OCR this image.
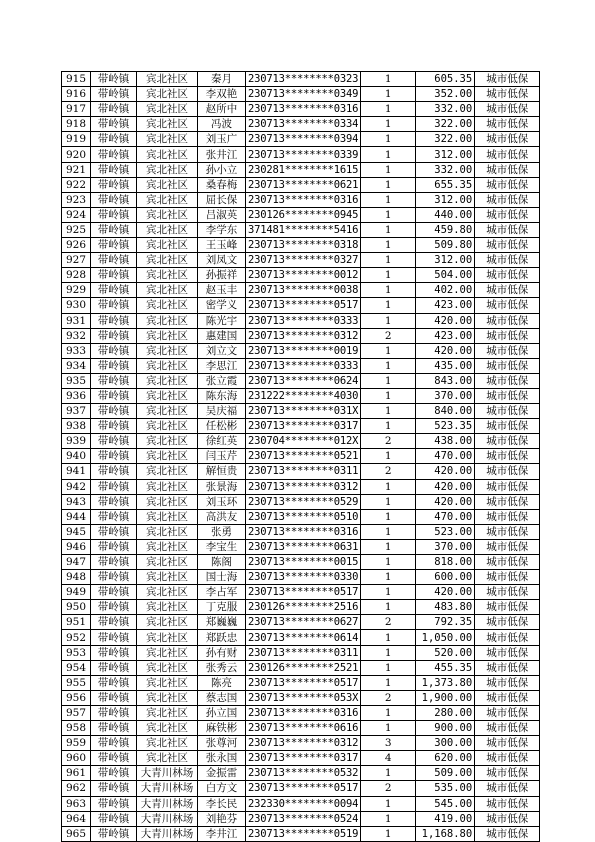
915	带岭镇	宾北社区	秦月	230713********0323	1	605.35	城市低保
916	带岭镇	宾北社区	李双艳	230713********0349	1	352.00	城市低保
917	带岭镇	宾北社区	赵所中	230713********0316	1	332.00	城市低保
918	带岭镇	宾北社区	冯波	230713********0334	1	322.00	城市低保
919	带岭镇	宾北社区	刘玉广	230713********0394	1	322.00	城市低保
920	带岭镇	宾北社区	张井江	230713********0339	1	312.00	城市低保
921	带岭镇	宾北社区	孙小立	230281********1615	1	332.00	城市低保
922	带岭镇	宾北社区	桑春梅	230713********0621	1	655.35	城市低保
923	带岭镇	宾北社区	屈长保	230713********0316	1	312.00	城市低保
924	带岭镇	宾北社区	吕淑英	230126********0945	1	440.00	城市低保
925	带岭镇	宾北社区	李学东	371481********5416	1	459.80	城市低保
926	带岭镇	宾北社区	王玉峰	230713********0318	1	509.80	城市低保
927	带岭镇	宾北社区	刘凤文	230713********0327	1	312.00	城市低保
928	带岭镇	宾北社区	孙振祥	230713********0012	1	504.00	城市低保
929	带岭镇	宾北社区	赵玉丰	230713********0038	1	402.00	城市低保
930	带岭镇	宾北社区	密学义	230713********0517	1	423.00	城市低保
931	带岭镇	宾北社区	陈光宇	230713********0333	1	420.00	城市低保
932	带岭镇	宾北社区	惠建国	230713********0312	2	423.00	城市低保
933	带岭镇	宾北社区	刘立文	230713********0019	1	420.00	城市低保
934	带岭镇	宾北社区	李思江	230713********0333	1	435.00	城市低保
935	带岭镇	宾北社区	张立霞	230713********0624	1	843.00	城市低保
936	带岭镇	宾北社区	陈东海	231222********4030	1	370.00	城市低保
937	带岭镇	宾北社区	吴庆福	230713********031X	1	840.00	城市低保
938	带岭镇	宾北社区	任松彬	230713********0317	1	523.35	城市低保
939	带岭镇	宾北社区	徐红英	230704********012X	2	438.00	城市低保
940	带岭镇	宾北社区	闫玉芹	230713********0521	1	470.00	城市低保
941	带岭镇	宾北社区	解恒贵	230713********0311	2	420.00	城市低保
942	带岭镇	宾北社区	张景海	230713********0312	1	420.00	城市低保
943	带岭镇	宾北社区	刘玉环	230713********0529	1	420.00	城市低保
944	带岭镇	宾北社区	高洪友	230713********0510	1	470.00	城市低保
945	带岭镇	宾北社区	张勇	230713********0316	1	523.00	城市低保
946	带岭镇	宾北社区	李宝生	230713********0631	1	370.00	城市低保
947	带岭镇	宾北社区	陈阁	230713********0015	1	818.00	城市低保
948	带岭镇	宾北社区	国士海	230713********0330	1	600.00	城市低保
949	带岭镇	宾北社区	李占军	230713********0517	1	420.00	城市低保
950	带岭镇	宾北社区	丁克服	230126********2516	1	483.80	城市低保
951	带岭镇	宾北社区	郑巍巍	230713********0627	2	792.35	城市低保
952	带岭镇	宾北社区	郑跃忠	230713********0614	1	1,050.00	城市低保
953	带岭镇	宾北社区	孙有财	230713********0311	1	520.00	城市低保
954	带岭镇	宾北社区	张秀云	230126********2521	1	455.35	城市低保
955	带岭镇	宾北社区	陈亮	230713********0517	1	1,373.80	城市低保
956	带岭镇	宾北社区	蔡志国	230713********053X	2	1,900.00	城市低保
957	带岭镇	宾北社区	孙立国	230713********0316	1	280.00	城市低保
958	带岭镇	宾北社区	麻铁彬	230713********0616	1	900.00	城市低保
959	带岭镇	宾北社区	张尊河	230713********0312	3	300.00	城市低保
960	带岭镇	宾北社区	张永国	230713********0317	4	620.00	城市低保
961	带岭镇	大青川林场	金振雷	230713********0532	1	509.00	城市低保
962	带岭镇	大青川林场	白方文	230713********0517	2	535.00	城市低保
963	带岭镇	大青川林场	李长民	232330********0094	1	545.00	城市低保
964	带岭镇	大青川林场	刘艳芬	230713********0524	1	419.00	城市低保
965	带岭镇	大青川林场	李井江	230713********0519	1	1,168.80	城市低保
